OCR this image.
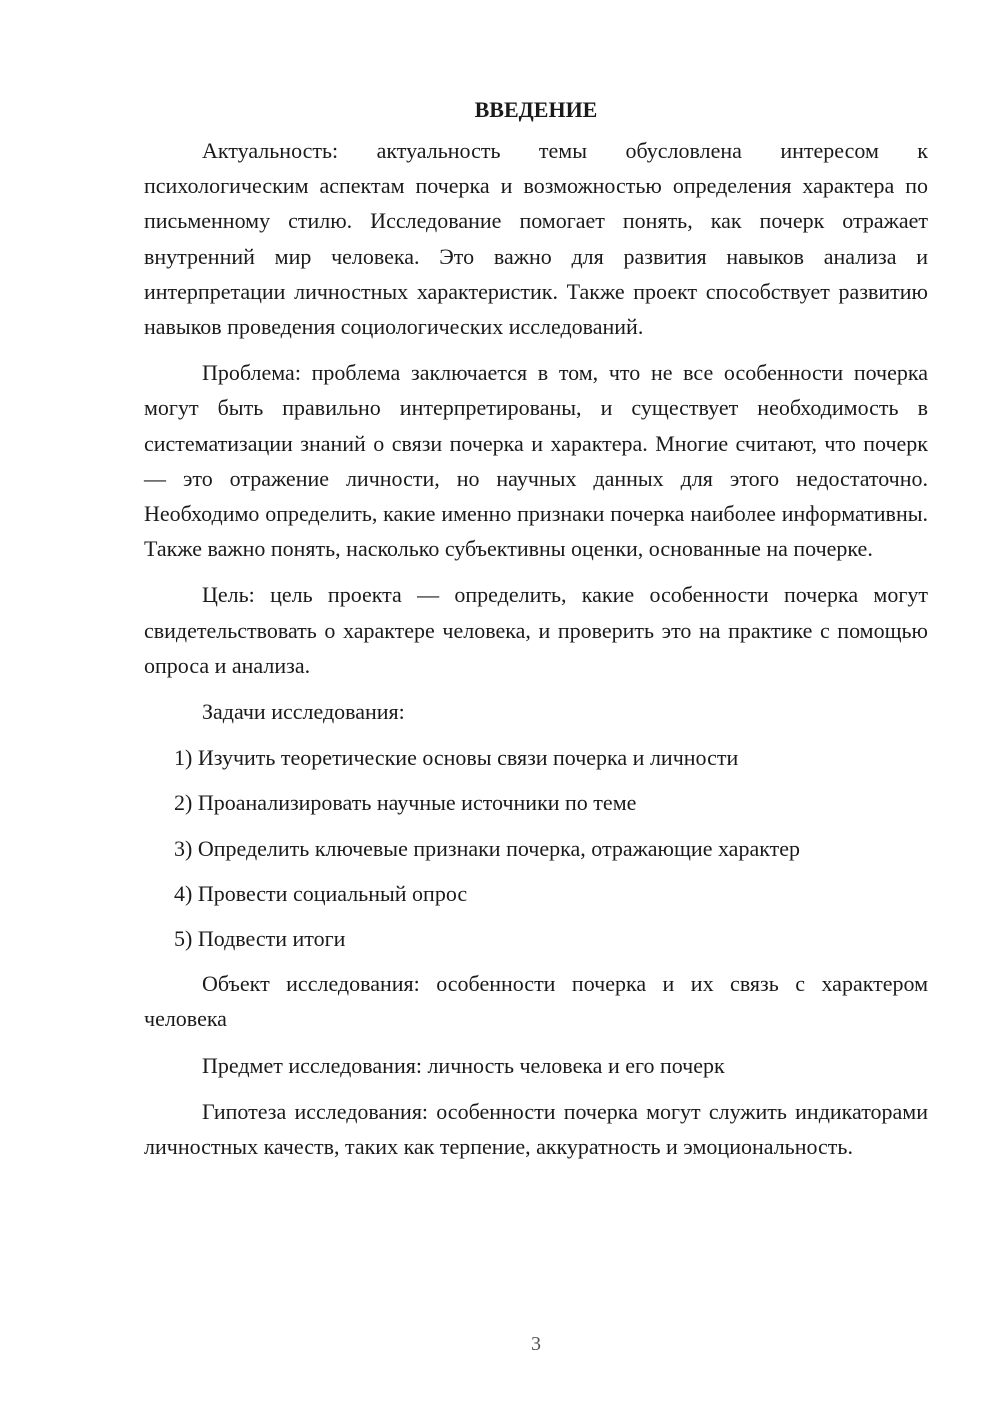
ВВЕДЕНИЕ

Актуальность: актуальность темы обусловлена интересом к психологическим аспектам почерка и возможностью определения характера по письменному стилю. Исследование помогает понять, как почерк отражает внутренний мир человека. Это важно для развития навыков анализа и интерпретации личностных характеристик. Также проект способствует развитию навыков проведения социологических исследований.

Проблема: проблема заключается в том, что не все особенности почерка могут быть правильно интерпретированы, и существует необходимость в систематизации знаний о связи почерка и характера. Многие считают, что почерк — это отражение личности, но научных данных для этого недостаточно. Необходимо определить, какие именно признаки почерка наиболее информативны. Также важно понять, насколько субъективны оценки, основанные на почерке.

Цель: цель проекта — определить, какие особенности почерка могут свидетельствовать о характере человека, и проверить это на практике с помощью опроса и анализа.

Задачи исследования:

1) Изучить теоретические основы связи почерка и личности
2) Проанализировать научные источники по теме
3) Определить ключевые признаки почерка, отражающие характер
4) Провести социальный опрос
5) Подвести итоги

Объект исследования: особенности почерка и их связь с характером человека

Предмет исследования: личность человека и его почерк

Гипотеза исследования: особенности почерка могут служить индикаторами личностных качеств, таких как терпение, аккуратность и эмоциональность.

3
